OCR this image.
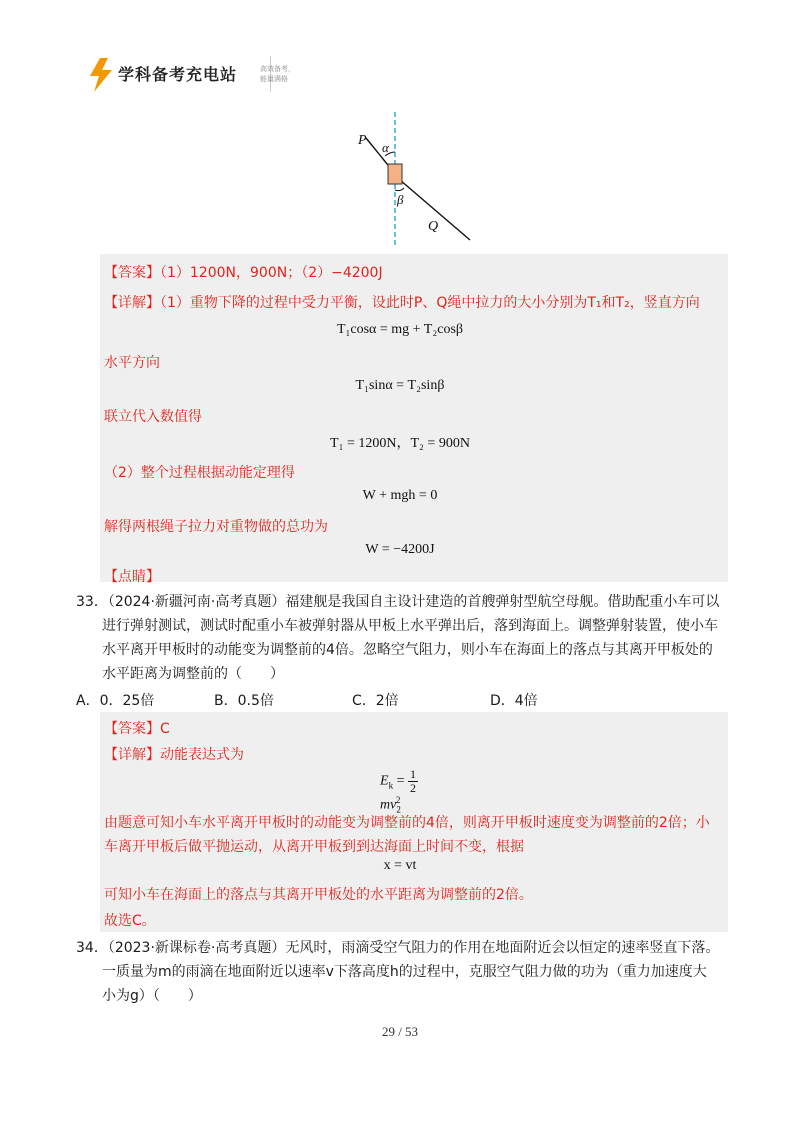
学科备考充电站	高效备考，能量满格
P α
β
Q
【答案】（1）1200N，900N；（2）−4200J
【详解】（1）重物下降的过程中受力平衡，设此时P、Q绳中拉力的大小分别为T₁和T₂，竖直方向
T₁cosα = mg + T₂cosβ
水平方向
T₁sinα = T₂sinβ
联立代入数值得
T₁ = 1200N，T₂ = 900N
（2）整个过程根据动能定理得
W + mgh = 0
解得两根绳子拉力对重物做的总功为
W = −4200J
【点睛】
33．（2024·新疆河南·高考真题）福建舰是我国自主设计建造的首艘弹射型航空母舰。借助配重小车可以
进行弹射测试，测试时配重小车被弹射器从甲板上水平弹出后，落到海面上。调整弹射装置，使小车
水平离开甲板时的动能变为调整前的4倍。忽略空气阻力，则小车在海面上的落点与其离开甲板处的
水平距离为调整前的（　　）
A．0．25倍	B．0.5倍	C．2倍	D．4倍
【答案】C
【详解】动能表达式为
$E_k = \frac{1}{2}$
$mv_2^2$
由题意可知小车水平离开甲板时的动能变为调整前的4倍，则离开甲板时速度变为调整前的2倍；小
车离开甲板后做平抛运动，从离开甲板到到达海面上时间不变，根据
x = vt
可知小车在海面上的落点与其离开甲板处的水平距离为调整前的2倍。
故选C。
34．（2023·新课标卷·高考真题）无风时，雨滴受空气阻力的作用在地面附近会以恒定的速率竖直下落。
一质量为m的雨滴在地面附近以速率v下落高度h的过程中，克服空气阻力做的功为（重力加速度大
小为g）（　　）
29 / 53
